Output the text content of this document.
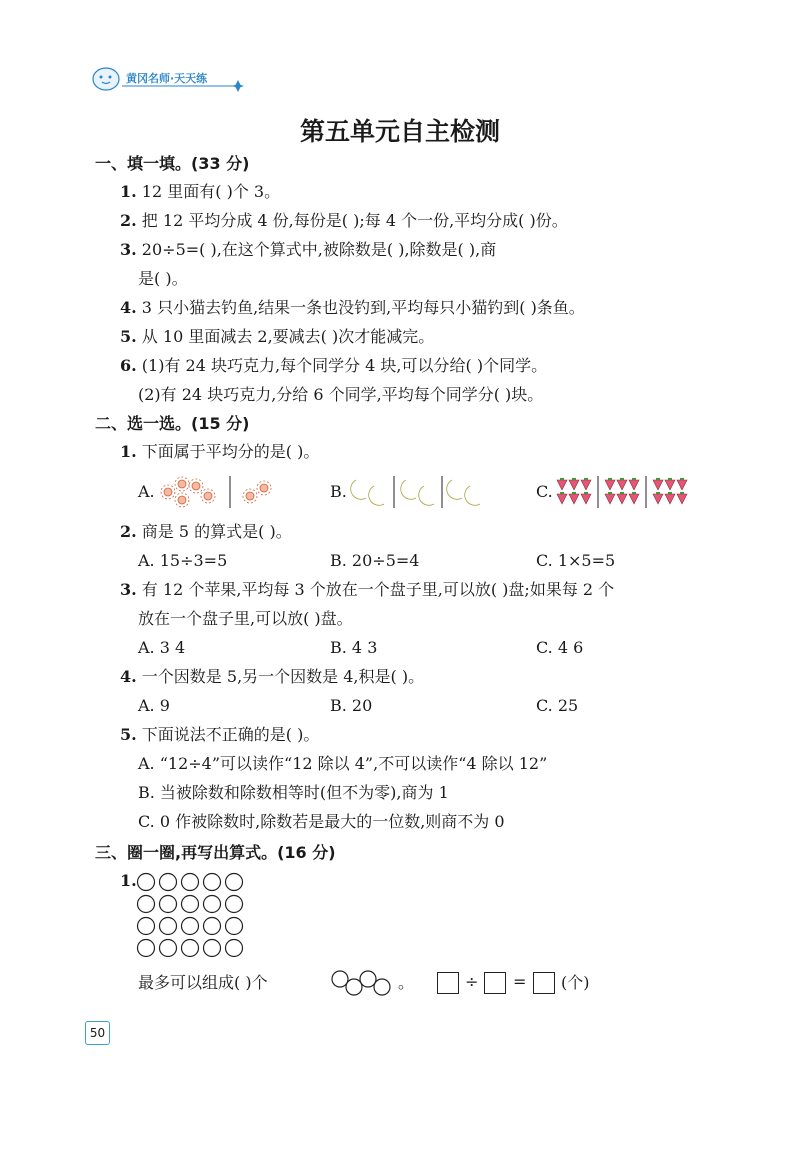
黄冈名师·天天练
第五单元自主检测
一、填一填。(33 分)
1. 12 里面有( )个 3。
2. 把 12 平均分成 4 份,每份是( );每 4 个一份,平均分成( )份。
3. 20÷5=( ),在这个算式中,被除数是( ),除数是( ),商
是( )。
4. 3 只小猫去钓鱼,结果一条也没钓到,平均每只小猫钓到( )条鱼。
5. 从 10 里面减去 2,要减去( )次才能减完。
6. (1)有 24 块巧克力,每个同学分 4 块,可以分给( )个同学。
(2)有 24 块巧克力,分给 6 个同学,平均每个同学分( )块。
二、选一选。(15 分)
1. 下面属于平均分的是( )。
A.	B.	C.
2. 商是 5 的算式是( )。
A. 15÷3=5	B. 20÷5=4	C. 1×5=5
3. 有 12 个苹果,平均每 3 个放在一个盘子里,可以放( )盘;如果每 2 个
放在一个盘子里,可以放( )盘。
A. 3 4	B. 4 3	C. 4 6
4. 一个因数是 5,另一个因数是 4,积是( )。
A. 9	B. 20	C. 25
5. 下面说法不正确的是( )。
A. “12÷4”可以读作“12 除以 4”,不可以读作“4 除以 12”
B. 当被除数和除数相等时(但不为零),商为 1
C. 0 作被除数时,除数若是最大的一位数,则商不为 0
三、圈一圈,再写出算式。(16 分)
1.
最多可以组成( )个	。	÷ = (个)
50
